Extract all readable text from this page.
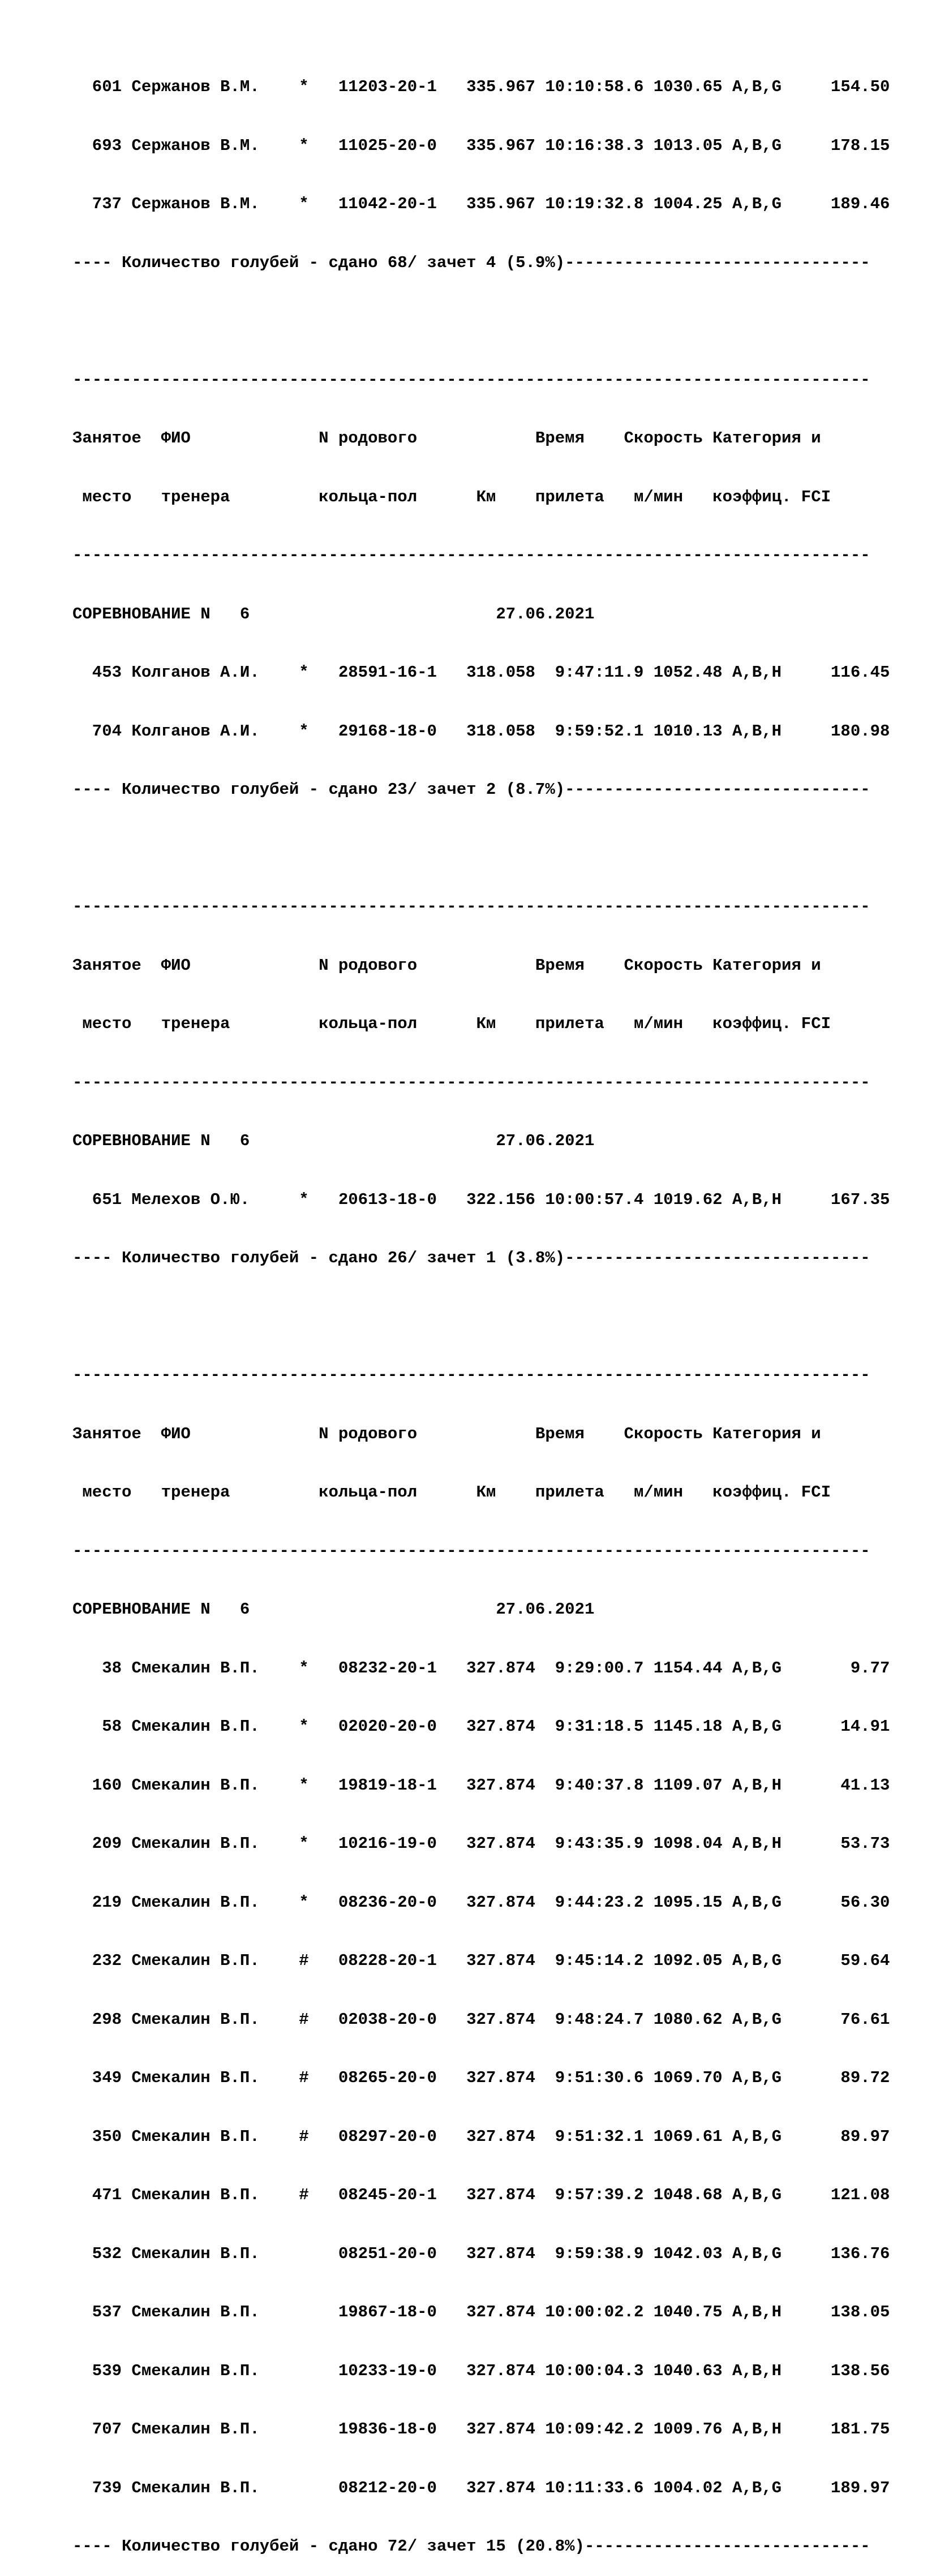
601 Сержанов В.М.    *   11203-20-1   335.967 10:10:58.6 1030.65 A,B,G     154.50

693 Сержанов В.М.    *   11025-20-0   335.967 10:16:38.3 1013.05 A,B,G     178.15

737 Сержанов В.М.    *   11042-20-1   335.967 10:19:32.8 1004.25 A,B,G     189.46

---- Количество голубей - сдано 68/ зачет 4 (5.9%)-------------------------------

---------------------------------------------------------------------------------

Занятое  ФИО             N родового            Время    Скорость Категория и

место   тренера         кольца-пол      Км    прилета   м/мин   коэффиц. FCI

---------------------------------------------------------------------------------

СОРЕВНОВАНИЕ N   6                         27.06.2021

453 Колганов А.И.    *   28591-16-1   318.058  9:47:11.9 1052.48 A,B,H     116.45

704 Колганов А.И.    *   29168-18-0   318.058  9:59:52.1 1010.13 A,B,H     180.98

---- Количество голубей - сдано 23/ зачет 2 (8.7%)-------------------------------

---------------------------------------------------------------------------------

Занятое  ФИО             N родового            Время    Скорость Категория и

место   тренера         кольца-пол      Км    прилета   м/мин   коэффиц. FCI

---------------------------------------------------------------------------------

СОРЕВНОВАНИЕ N   6                         27.06.2021

651 Мелехов О.Ю.     *   20613-18-0   322.156 10:00:57.4 1019.62 A,B,H     167.35

---- Количество голубей - сдано 26/ зачет 1 (3.8%)-------------------------------

---------------------------------------------------------------------------------

Занятое  ФИО             N родового            Время    Скорость Категория и

место   тренера         кольца-пол      Км    прилета   м/мин   коэффиц. FCI

---------------------------------------------------------------------------------

СОРЕВНОВАНИЕ N   6                         27.06.2021

38 Смекалин В.П.    *   08232-20-1   327.874  9:29:00.7 1154.44 A,B,G       9.77

58 Смекалин В.П.    *   02020-20-0   327.874  9:31:18.5 1145.18 A,B,G      14.91

160 Смекалин В.П.    *   19819-18-1   327.874  9:40:37.8 1109.07 A,B,H      41.13

209 Смекалин В.П.    *   10216-19-0   327.874  9:43:35.9 1098.04 A,B,H      53.73

219 Смекалин В.П.    *   08236-20-0   327.874  9:44:23.2 1095.15 A,B,G      56.30

232 Смекалин В.П.    #   08228-20-1   327.874  9:45:14.2 1092.05 A,B,G      59.64

298 Смекалин В.П.    #   02038-20-0   327.874  9:48:24.7 1080.62 A,B,G      76.61

349 Смекалин В.П.    #   08265-20-0   327.874  9:51:30.6 1069.70 A,B,G      89.72

350 Смекалин В.П.    #   08297-20-0   327.874  9:51:32.1 1069.61 A,B,G      89.97

471 Смекалин В.П.    #   08245-20-1   327.874  9:57:39.2 1048.68 A,B,G     121.08

532 Смекалин В.П.        08251-20-0   327.874  9:59:38.9 1042.03 A,B,G     136.76

537 Смекалин В.П.        19867-18-0   327.874 10:00:02.2 1040.75 A,B,H     138.05

539 Смекалин В.П.        10233-19-0   327.874 10:00:04.3 1040.63 A,B,H     138.56

707 Смекалин В.П.        19836-18-0   327.874 10:09:42.2 1009.76 A,B,H     181.75

739 Смекалин В.П.        08212-20-0   327.874 10:11:33.6 1004.02 A,B,G     189.97

---- Количество голубей - сдано 72/ зачет 15 (20.8%)-----------------------------
